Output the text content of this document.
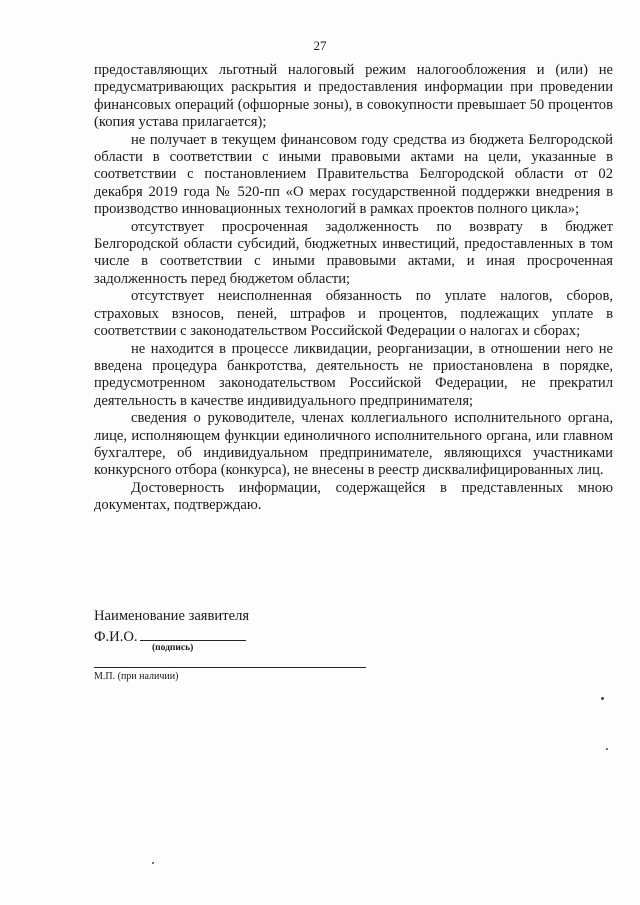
27

предоставляющих льготный налоговый режим налогообложения и (или) не предусматривающих раскрытия и предоставления информации при проведении финансовых операций (офшорные зоны), в совокупности превышает 50 процентов (копия устава прилагается);

не получает в текущем финансовом году средства из бюджета Белгородской области в соответствии с иными правовыми актами на цели, указанные в соответствии с постановлением Правительства Белгородской области от 02 декабря 2019 года № 520-пп «О мерах государственной поддержки внедрения в производство инновационных технологий в рамках проектов полного цикла»;

отсутствует просроченная задолженность по возврату в бюджет Белгородской области субсидий, бюджетных инвестиций, предоставленных в том числе в соответствии с иными правовыми актами, и иная просроченная задолженность перед бюджетом области;

отсутствует неисполненная обязанность по уплате налогов, сборов, страховых взносов, пеней, штрафов и процентов, подлежащих уплате в соответствии с законодательством Российской Федерации о налогах и сборах;

не находится в процессе ликвидации, реорганизации, в отношении него не введена процедура банкротства, деятельность не приостановлена в порядке, предусмотренном законодательством Российской Федерации, не прекратил деятельность в качестве индивидуального предпринимателя;

сведения о руководителе, членах коллегиального исполнительного органа, лице, исполняющем функции единоличного исполнительного органа, или главном бухгалтере, об индивидуальном предпринимателе, являющихся участниками конкурсного отбора (конкурса), не внесены в реестр дисквалифицированных лиц.

Достоверность информации, содержащейся в представленных мною документах, подтверждаю.

Наименование заявителя
Ф.И.О.
(подпись)
М.П. (при наличии)
